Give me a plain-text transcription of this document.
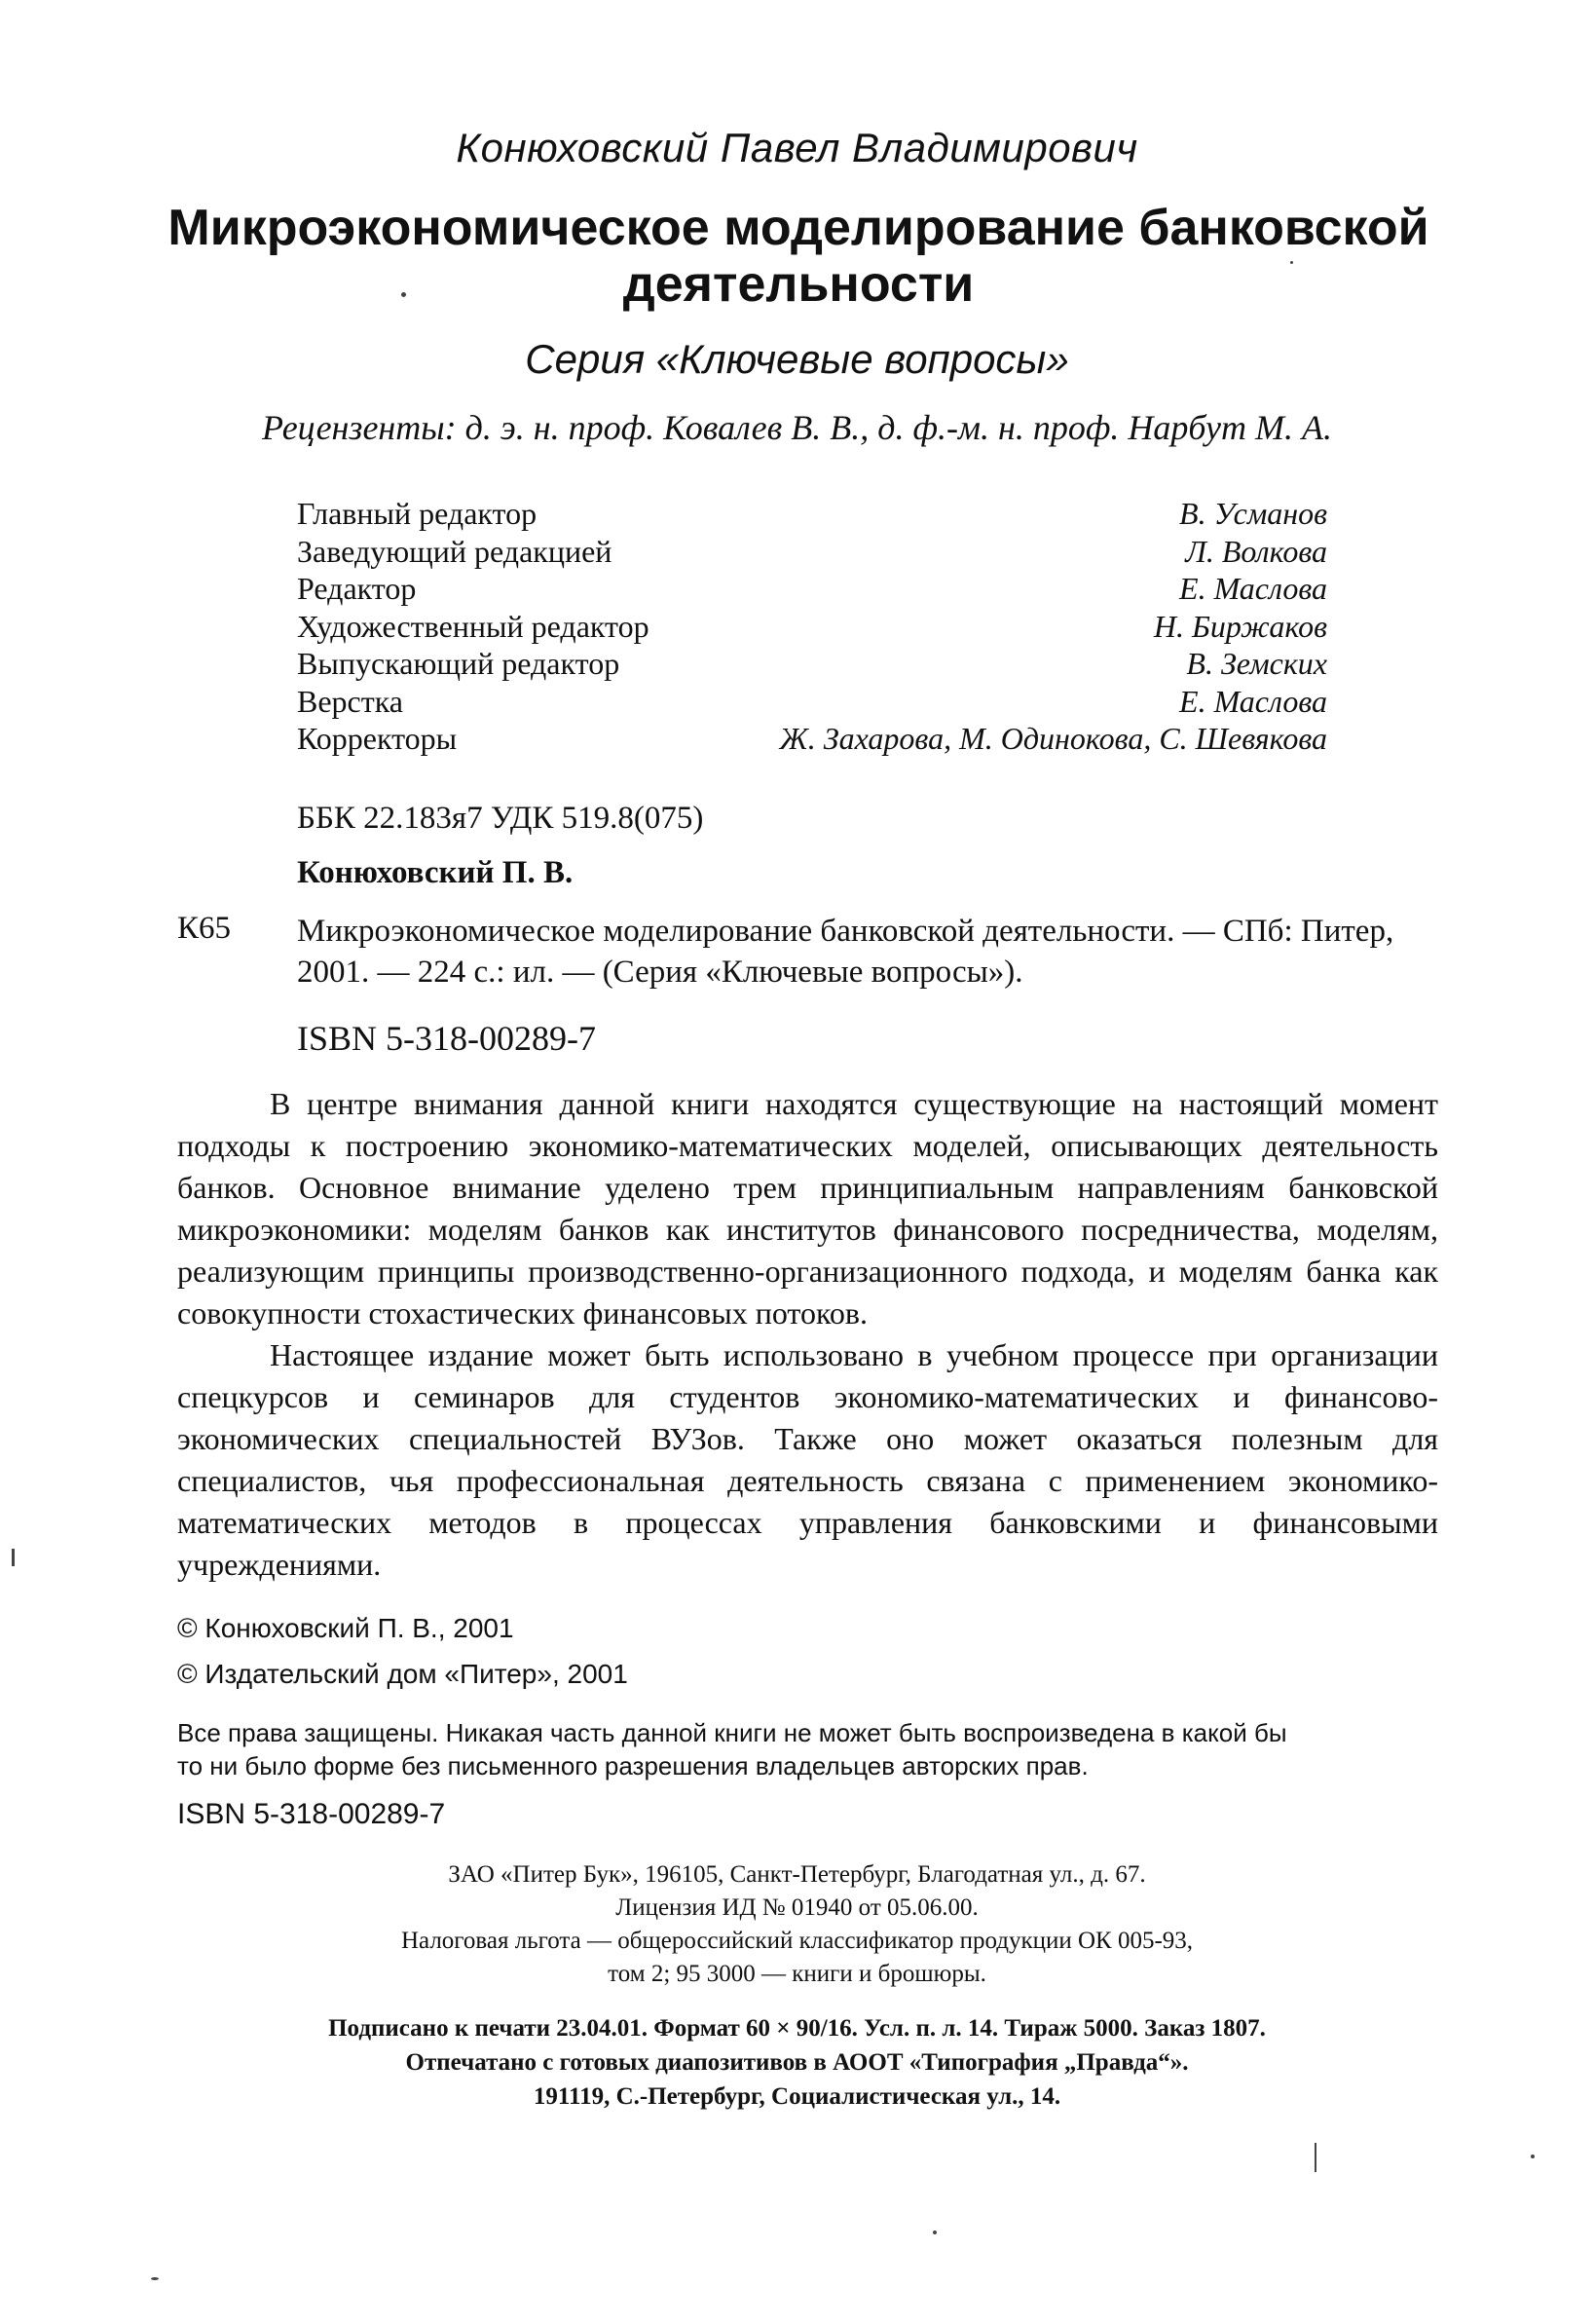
Конюховский Павел Владимирович
Микроэкономическое моделирование банковской деятельности
Серия «Ключевые вопросы»
Рецензенты: д. э. н. проф. Ковалев В. В., д. ф.-м. н. проф. Нарбут М. А.
Главный редактор	В. Усманов
Заведующий редакцией	Л. Волкова
Редактор	Е. Маслова
Художественный редактор	Н. Биржаков
Выпускающий редактор	В. Земских
Верстка	Е. Маслова
Корректоры	Ж. Захарова, М. Одинокова, С. Шевякова
ББК 22.183я7 УДК 519.8(075)
Конюховский П. В.
К65 Микроэкономическое моделирование банковской деятельности. — СПб: Питер, 2001. — 224 с.: ил. — (Серия «Ключевые вопросы»).
ISBN 5-318-00289-7

В центре внимания данной книги находятся существующие на настоящий момент подходы к построению экономико-математических моделей, описывающих деятельность банков. Основное внимание уделено трем принципиальным направлениям банковской микроэкономики: моделям банков как институтов финансового посредничества, моделям, реализующим принципы производственно-организационного подхода, и моделям банка как совокупности стохастических финансовых потоков.

Настоящее издание может быть использовано в учебном процессе при организации спецкурсов и семинаров для студентов экономико-математических и финансово-экономических специальностей ВУЗов. Также оно может оказаться полезным для специалистов, чья профессиональная деятельность связана с применением экономико-математических методов в процессах управления банковскими и финансовыми учреждениями.

© Конюховский П. В., 2001
© Издательский дом «Питер», 2001
Все права защищены. Никакая часть данной книги не может быть воспроизведена в какой бы
то ни было форме без письменного разрешения владельцев авторских прав.
ISBN 5-318-00289-7
ЗАО «Питер Бук», 196105, Санкт-Петербург, Благодатная ул., д. 67.
Лицензия ИД № 01940 от 05.06.00.
Налоговая льгота — общероссийский классификатор продукции ОК 005-93,
том 2; 95 3000 — книги и брошюры.
Подписано к печати 23.04.01. Формат 60 × 90/16. Усл. п. л. 14. Тираж 5000. Заказ 1807.
Отпечатано с готовых диапозитивов в АООТ «Типография „Правда“».
191119, С.-Петербург, Социалистическая ул., 14.
